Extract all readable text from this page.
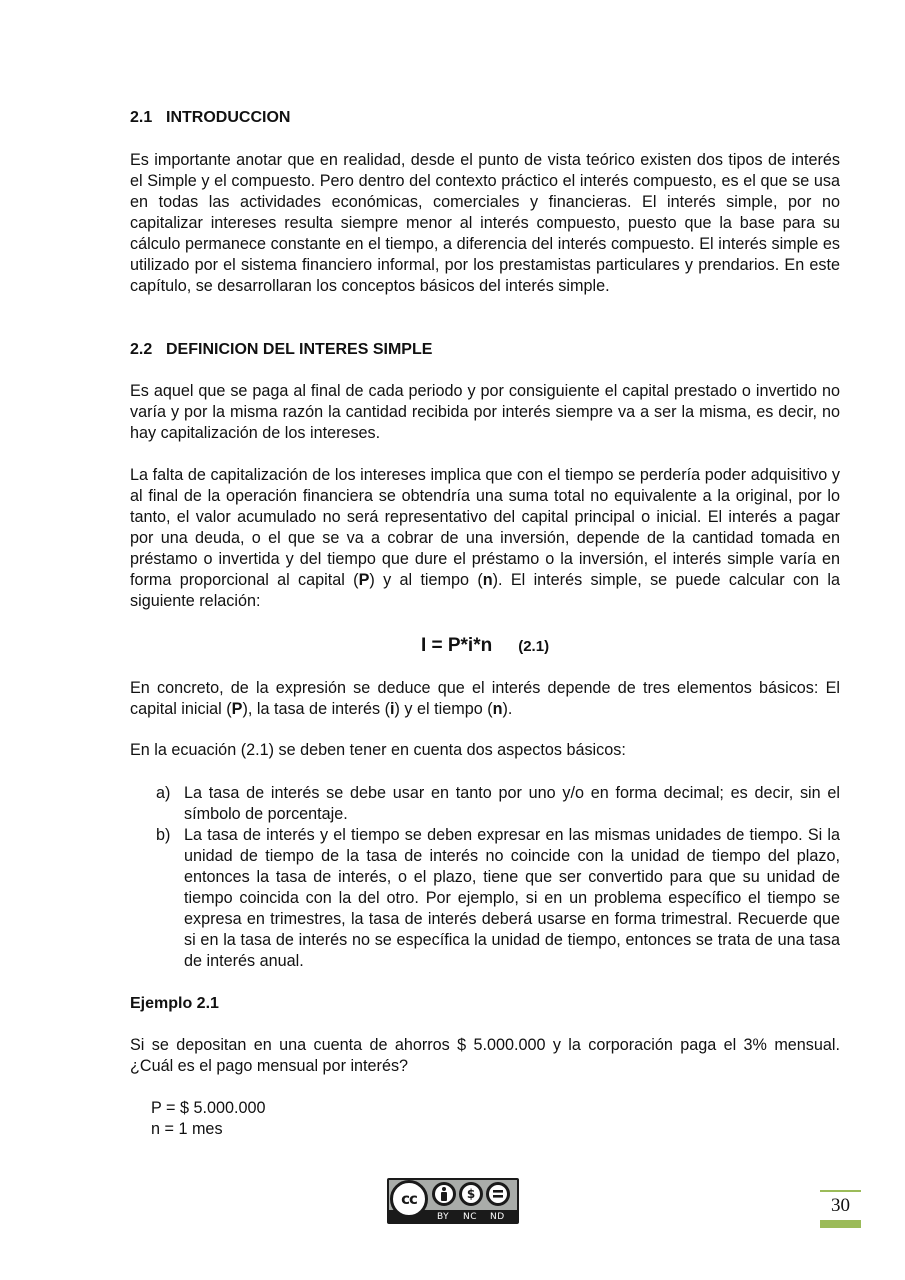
2.1 INTRODUCCION
Es importante anotar que en realidad, desde el punto de vista teórico existen dos tipos de interés el Simple y el compuesto. Pero dentro del contexto práctico el interés compuesto, es el que se usa en todas las actividades económicas, comerciales y financieras. El interés simple, por no capitalizar intereses resulta siempre menor al interés compuesto, puesto que la base para su cálculo permanece constante en el tiempo, a diferencia del interés compuesto. El interés simple es utilizado por el sistema financiero informal, por los prestamistas particulares y prendarios. En este capítulo, se desarrollaran los conceptos básicos del interés simple.
2.2 DEFINICION DEL INTERES SIMPLE
Es aquel que se paga al final de cada periodo y por consiguiente el capital prestado o invertido no varía y por la misma razón la cantidad recibida por interés siempre va a ser la misma, es decir, no hay capitalización de los intereses.
La falta de capitalización de los intereses implica que con el tiempo se perdería poder adquisitivo y al final de la operación financiera se obtendría una suma total no equivalente a la original, por lo tanto, el valor acumulado no será representativo del capital principal o inicial. El interés a pagar por una deuda, o el que se va a cobrar de una inversión, depende de la cantidad tomada en préstamo o invertida y del tiempo que dure el préstamo o la inversión, el interés simple varía en forma proporcional al capital (P) y al tiempo (n). El interés simple, se puede calcular con la siguiente relación:
I = P*i*n (2.1)
En concreto, de la expresión se deduce que el interés depende de tres elementos básicos: El capital inicial (P), la tasa de interés (i) y el tiempo (n).
En la ecuación (2.1) se deben tener en cuenta dos aspectos básicos:
a) La tasa de interés se debe usar en tanto por uno y/o en forma decimal; es decir, sin el símbolo de porcentaje.
b) La tasa de interés y el tiempo se deben expresar en las mismas unidades de tiempo. Si la unidad de tiempo de la tasa de interés no coincide con la unidad de tiempo del plazo, entonces la tasa de interés, o el plazo, tiene que ser convertido para que su unidad de tiempo coincida con la del otro. Por ejemplo, si en un problema específico el tiempo se expresa en trimestres, la tasa de interés deberá usarse en forma trimestral. Recuerde que si en la tasa de interés no se específica la unidad de tiempo, entonces se trata de una tasa de interés anual.
Ejemplo 2.1
Si se depositan en una cuenta de ahorros $ 5.000.000 y la corporación paga el 3% mensual. ¿Cuál es el pago mensual por interés?
P = $ 5.000.000
n = 1 mes
cc	$
BY NC ND
30
